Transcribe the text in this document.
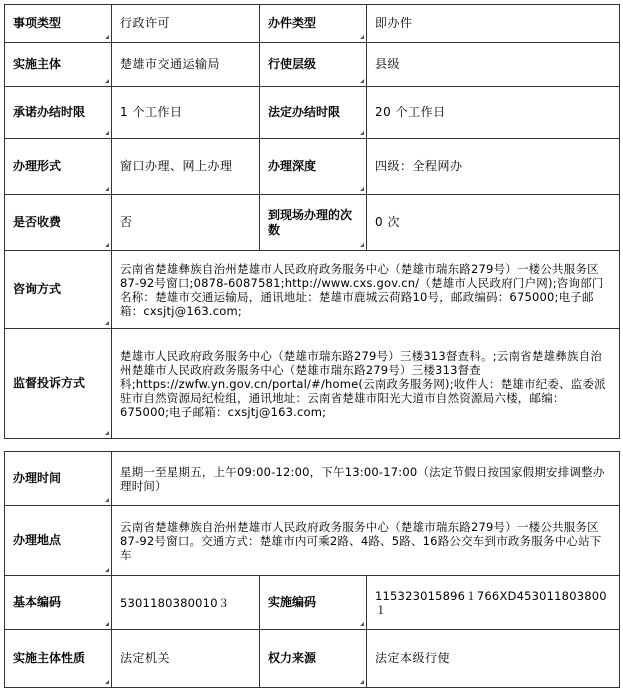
事项类型	行政许可	办件类型	即办件
实施主体	楚雄市交通运输局	行使层级	县级
承诺办结时限	1 个工作日	法定办结时限	20 个工作日
办理形式	窗口办理、网上办理	办理深度	四级：全程网办
是否收费	否	到现场办理的次数	0 次
咨询方式	云南省楚雄彝族自治州楚雄市人民政府政务服务中心（楚雄市瑞东路279号）一楼公共服务区87-92号窗口;0878-6087581;http://www.cxs.gov.cn/（楚雄市人民政府门户网);咨询部门名称：楚雄市交通运输局，通讯地址：楚雄市鹿城云荷路10号，邮政编码：675000;电子邮箱：cxsjtj@163.com;		
监督投诉方式	楚雄市人民政府政务服务中心（楚雄市瑞东路279号）三楼313督查科。;云南省楚雄彝族自治州楚雄市人民政府政务服务中心（楚雄市瑞东路279号）三楼313督查科;https://zwfw.yn.gov.cn/portal/#/home(云南政务服务网);收件人：楚雄市纪委、监委派驻市自然资源局纪检组，通讯地址：云南省楚雄市阳光大道市自然资源局六楼，邮编：675000;电子邮箱：cxsjtj@163.com;		
办理时间	星期一至星期五，上午09:00-12:00，下午13:00-17:00（法定节假日按国家假期安排调整办理时间）		
办理地点	云南省楚雄彝族自治州楚雄市人民政府政务服务中心（楚雄市瑞东路279号）一楼公共服务区87-92号窗口。交通方式：楚雄市内可乘2路、4路、5路、16路公交车到市政务服务中心站下车		
基本编码	5301180380010３	实施编码	115323015896１766XD453011803800１
实施主体性质	法定机关	权力来源	法定本级行使
